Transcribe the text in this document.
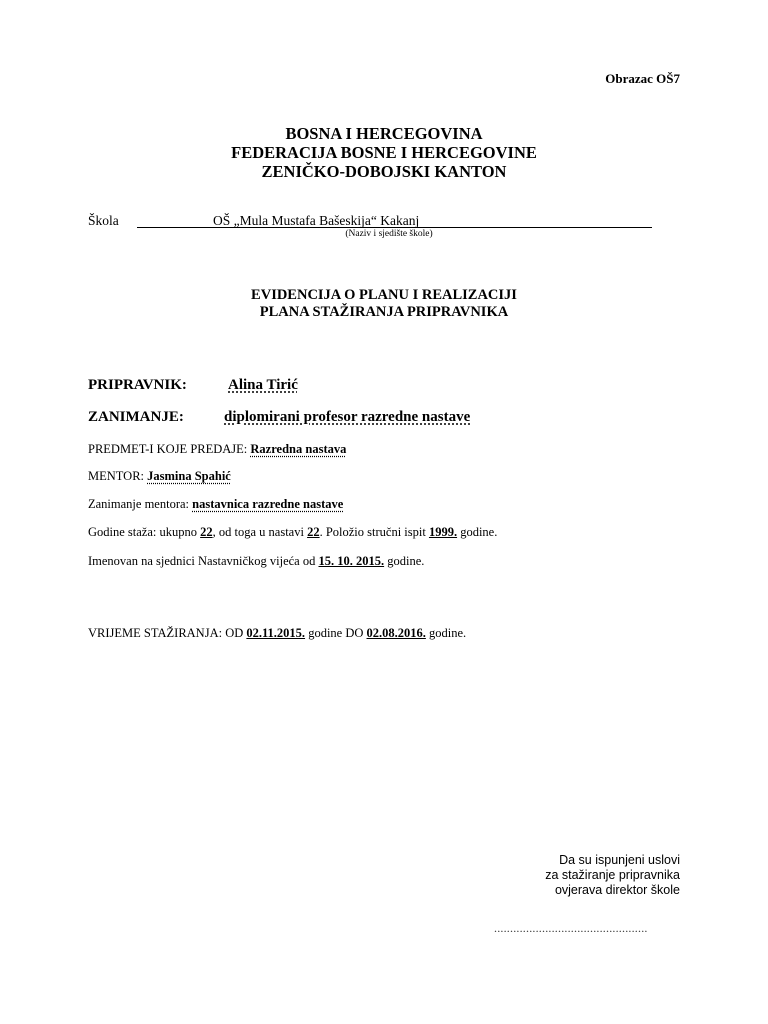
Obrazac OŠ7
BOSNA I HERCEGOVINA
FEDERACIJA BOSNE I HERCEGOVINE
ZENIČKO-DOBOJSKI KANTON
Škola	OŠ „Mula Mustafa Bašeskija“ Kakanj
(Naziv i sjedište škole)
EVIDENCIJA O PLANU I REALIZACIJI
PLANA STAŽIRANJA PRIPRAVNIKA
PRIPRAVNIK:	Alina Tirić
ZANIMANJE:	diplomirani profesor razredne nastave
PREDMET-I KOJE PREDAJE: Razredna nastava
MENTOR: Jasmina Spahić
Zanimanje mentora: nastavnica razredne nastave
Godine staža: ukupno 22, od toga u nastavi 22. Položio stručni ispit 1999. godine.
Imenovan na sjednici Nastavničkog vijeća od 15. 10. 2015. godine.
VRIJEME STAŽIRANJA: OD 02.11.2015. godine DO 02.08.2016. godine.
Da su ispunjeni uslovi
za stažiranje pripravnika
ovjerava direktor škole
................................................
